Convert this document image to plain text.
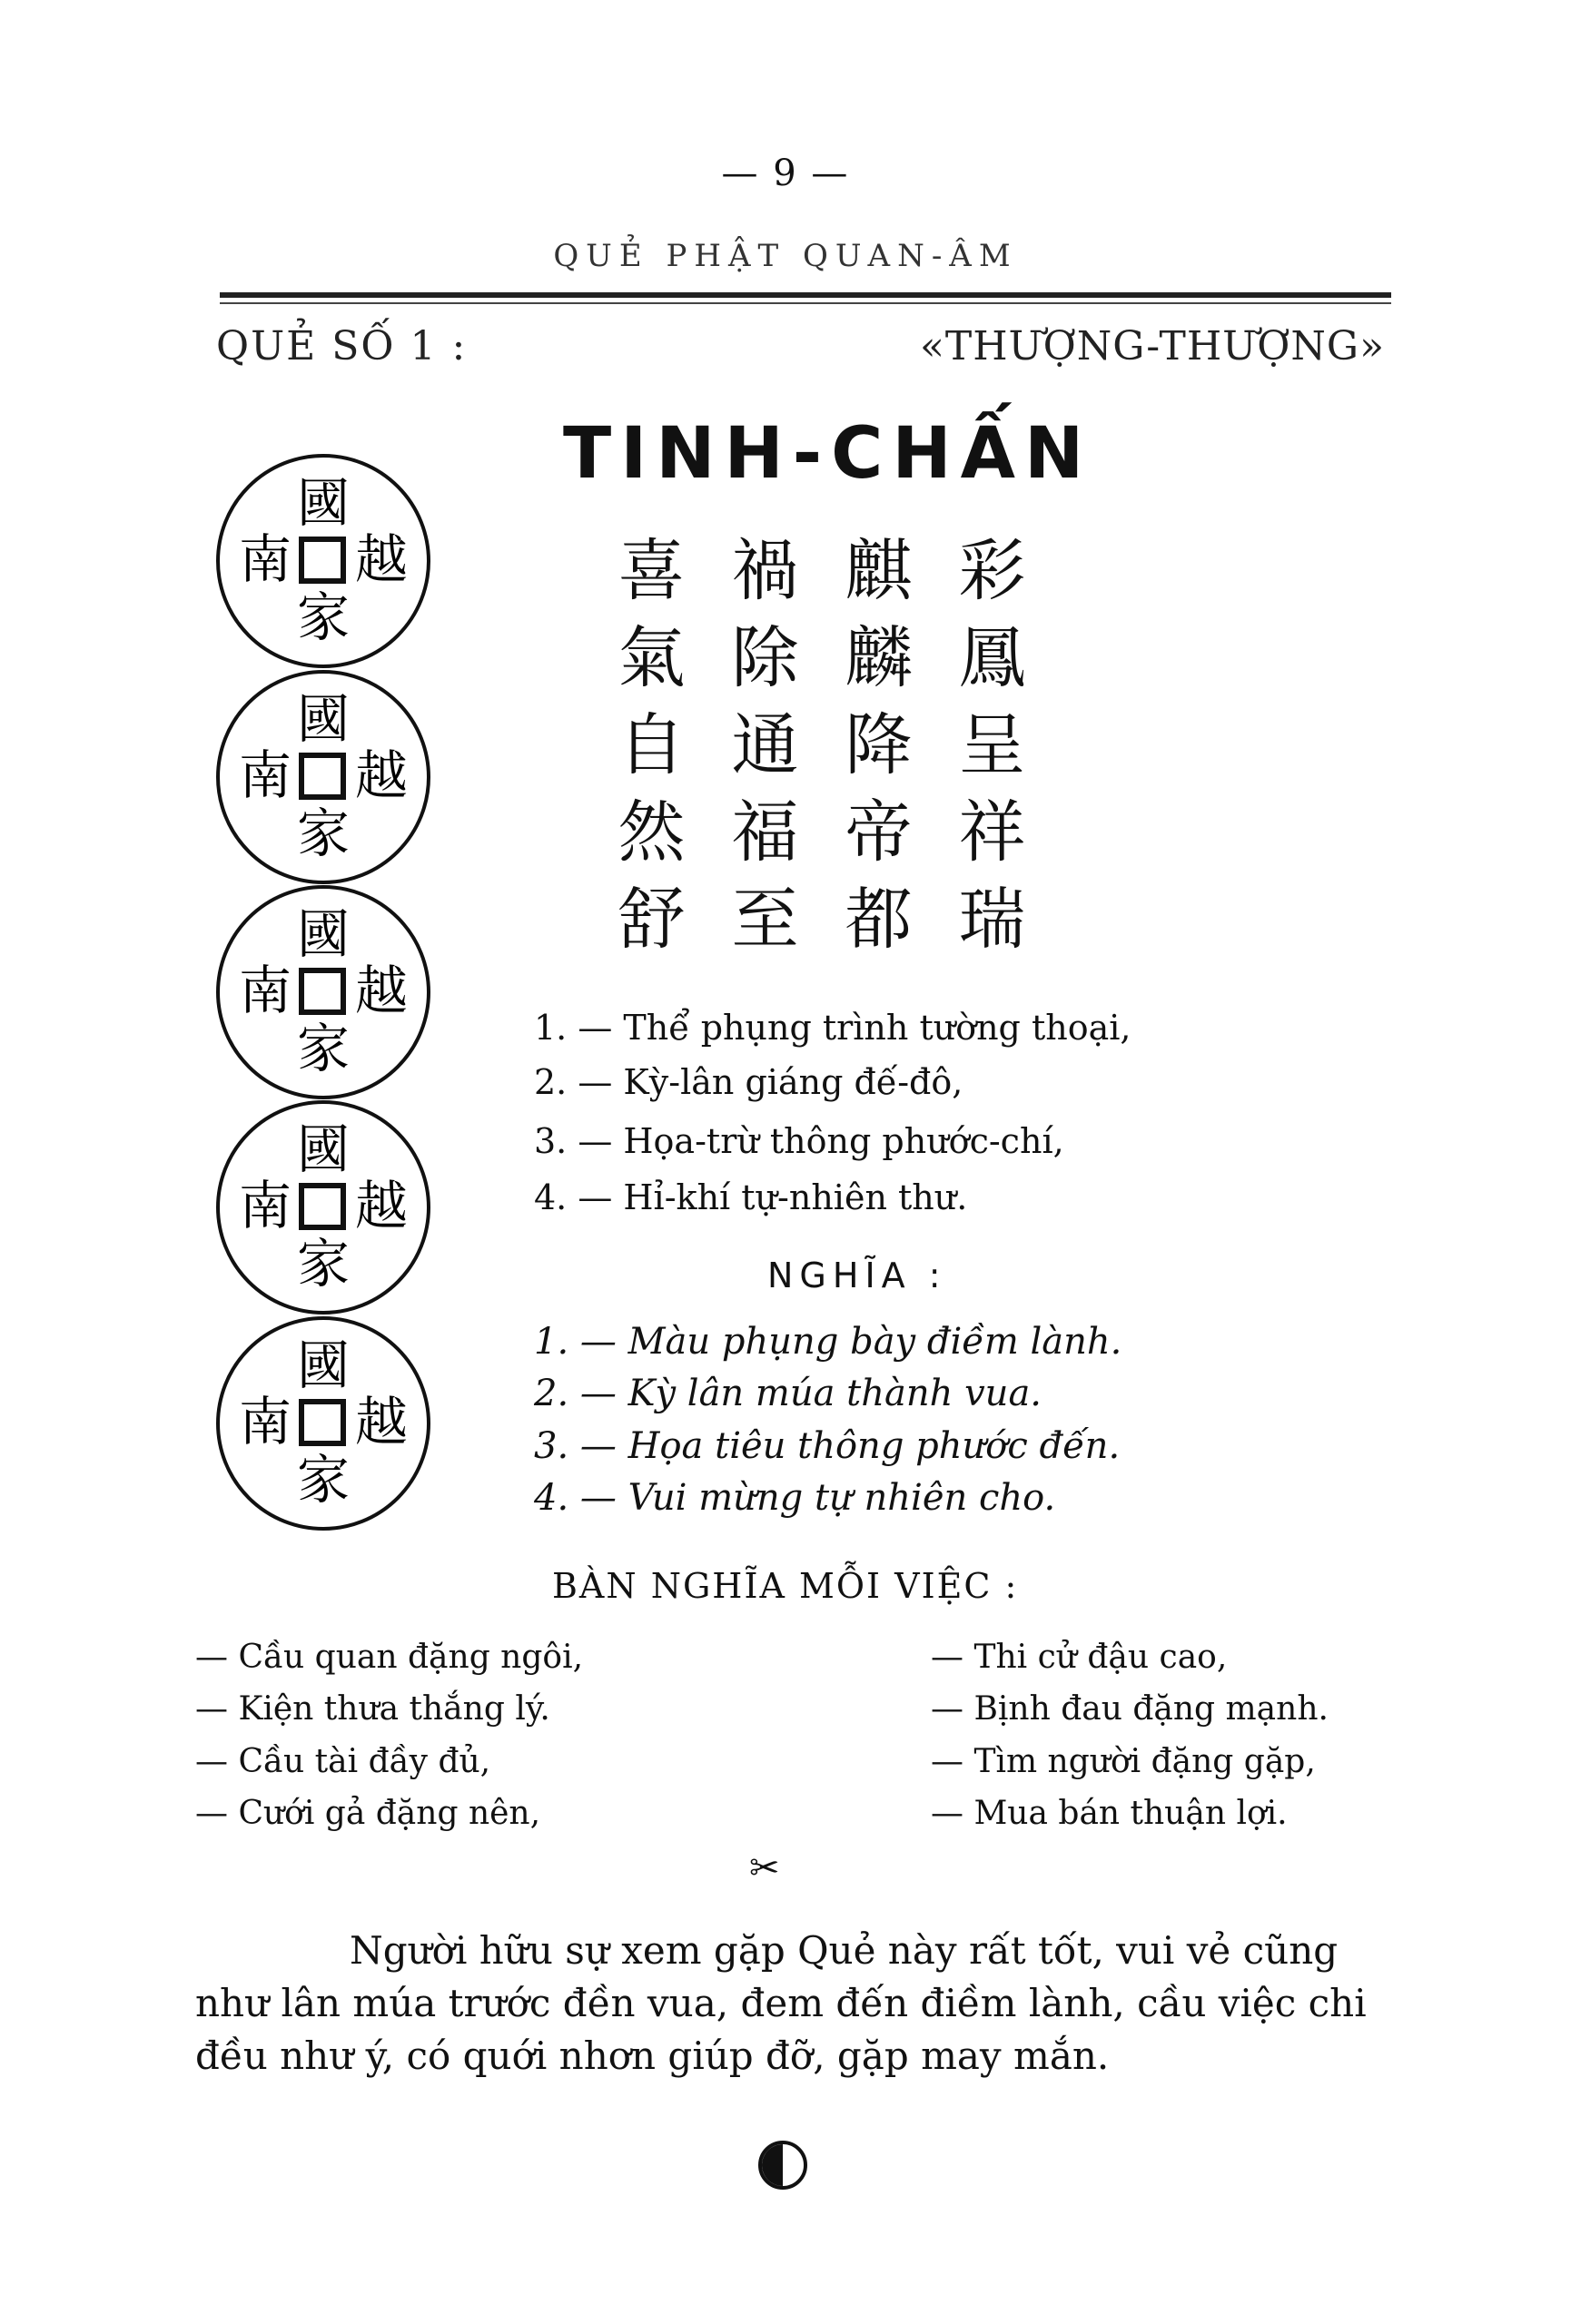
— 9 —
QUẺ PHẬT QUAN-ÂM
QUẺ SỐ 1 :	«THƯỢNG-THƯỢNG»
TINH-CHẤN
國
南 越
家
國
南 越
家
國
南 越
家
國
南 越
家
國
南 越
家
喜 禍 麒 彩
氣 除 麟 鳳
自 通 降 呈
然 福 帝 祥
舒 至 都 瑞
1. — Thể phụng trình tường thoại,
2. — Kỳ-lân giáng đế-đô,
3. — Họa-trừ thông phước-chí,
4. — Hỉ-khí tự-nhiên thư.
NGHĨA :
1. — Màu phụng bày điềm lành.
2. — Kỳ lân múa thành vua.
3. — Họa tiêu thông phước đến.
4. — Vui mừng tự nhiên cho.
BÀN NGHĨA MỖI VIỆC :
— Cầu quan đặng ngôi,
— Kiện thưa thắng lý.
— Cầu tài đầy đủ,
— Cưới gả đặng nên,
— Thi cử đậu cao,
— Bịnh đau đặng mạnh.
— Tìm người đặng gặp,
— Mua bán thuận lợi.
✂
Người hữu sự xem gặp Quẻ này rất tốt, vui vẻ cũng
như lân múa trước đền vua, đem đến điềm lành, cầu việc chi
đều như ý, có quới nhơn giúp đỡ, gặp may mắn.
